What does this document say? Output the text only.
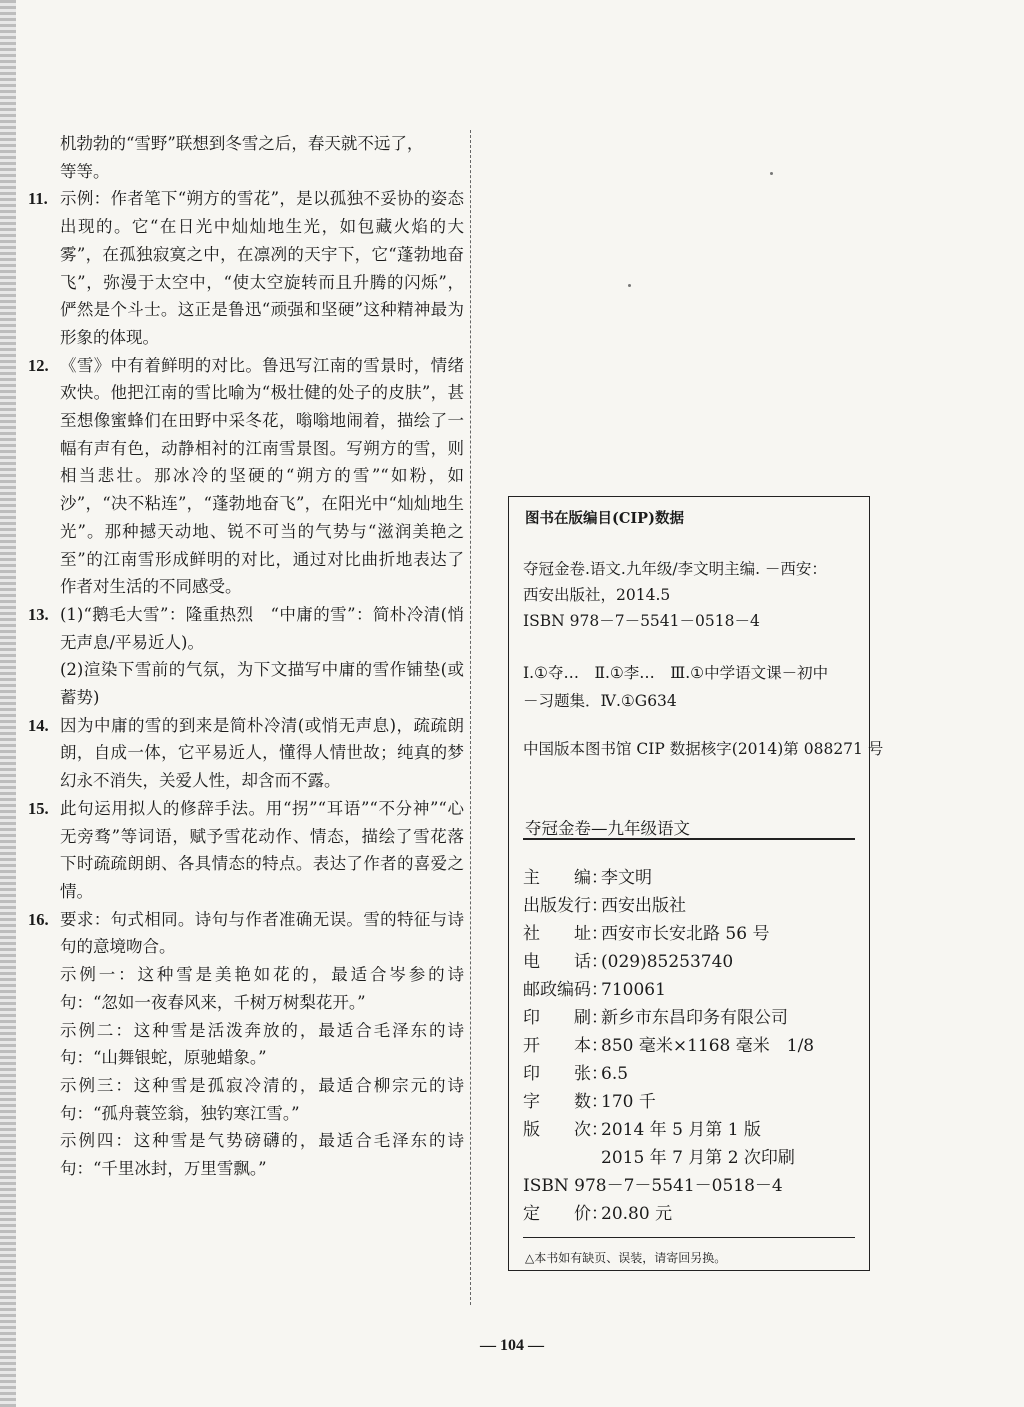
机勃勃的“雪野”联想到冬雪之后，春天就不远了，

等等。

11. 示例：作者笔下“朔方的雪花”，是以孤独不妥协的姿态出现的。它“在日光中灿灿地生光，如包藏火焰的大雾”，在孤独寂寞之中，在凛冽的天宇下，它“蓬勃地奋飞”，弥漫于太空中，“使太空旋转而且升腾的闪烁”，俨然是个斗士。这正是鲁迅“顽强和坚硬”这种精神最为形象的体现。

12. 《雪》中有着鲜明的对比。鲁迅写江南的雪景时，情绪欢快。他把江南的雪比喻为“极壮健的处子的皮肤”，甚至想像蜜蜂们在田野中采冬花，嗡嗡地闹着，描绘了一幅有声有色，动静相衬的江南雪景图。写朔方的雪，则相当悲壮。那冰冷的坚硬的“朔方的雪”“如粉，如沙”，“决不粘连”，“蓬勃地奋飞”，在阳光中“灿灿地生光”。那种撼天动地、锐不可当的气势与“滋润美艳之至”的江南雪形成鲜明的对比，通过对比曲折地表达了作者对生活的不同感受。

13. (1)“鹅毛大雪”：隆重热烈　“中庸的雪”：简朴冷清(悄无声息/平易近人)。

(2)渲染下雪前的气氛，为下文描写中庸的雪作铺垫(或蓄势)

14. 因为中庸的雪的到来是简朴冷清(或悄无声息)，疏疏朗朗，自成一体，它平易近人，懂得人情世故；纯真的梦幻永不消失，关爱人性，却含而不露。

15. 此句运用拟人的修辞手法。用“拐”“耳语”“不分神”“心无旁骛”等词语，赋予雪花动作、情态，描绘了雪花落下时疏疏朗朗、各具情态的特点。表达了作者的喜爱之情。

16. 要求：句式相同。诗句与作者准确无误。雪的特征与诗句的意境吻合。

示例一：这种雪是美艳如花的，最适合岑参的诗句：“忽如一夜春风来，千树万树梨花开。”

示例二：这种雪是活泼奔放的，最适合毛泽东的诗句：“山舞银蛇，原驰蜡象。”

示例三：这种雪是孤寂冷清的，最适合柳宗元的诗句：“孤舟蓑笠翁，独钓寒江雪。”

示例四：这种雪是气势磅礴的，最适合毛泽东的诗句：“千里冰封，万里雪飘。”

图书在版编目(CIP)数据
夺冠金卷.语文.九年级/李文明主编. －西安：
西安出版社，2014.5
ISBN 978－7－5541－0518－4
Ⅰ.①夺…　Ⅱ.①李…　Ⅲ.①中学语文课－初中
－习题集．Ⅳ.①G634
中国版本图书馆 CIP 数据核字(2014)第 088271 号
夺冠金卷—九年级语文
主　　编：李文明
出版发行：西安出版社
社　　址：西安市长安北路 56 号
电　　话：(029)85253740
邮政编码：710061
印　　刷：新乡市东昌印务有限公司
开　　本：850 毫米×1168 毫米　1/8
印　　张：6.5
字　　数：170 千
版　　次：2014 年 5 月第 1 版
2015 年 7 月第 2 次印刷
ISBN 978－7－5541－0518－4
定　　价：20.80 元
△本书如有缺页、误装，请寄回另换。
— 104 —
